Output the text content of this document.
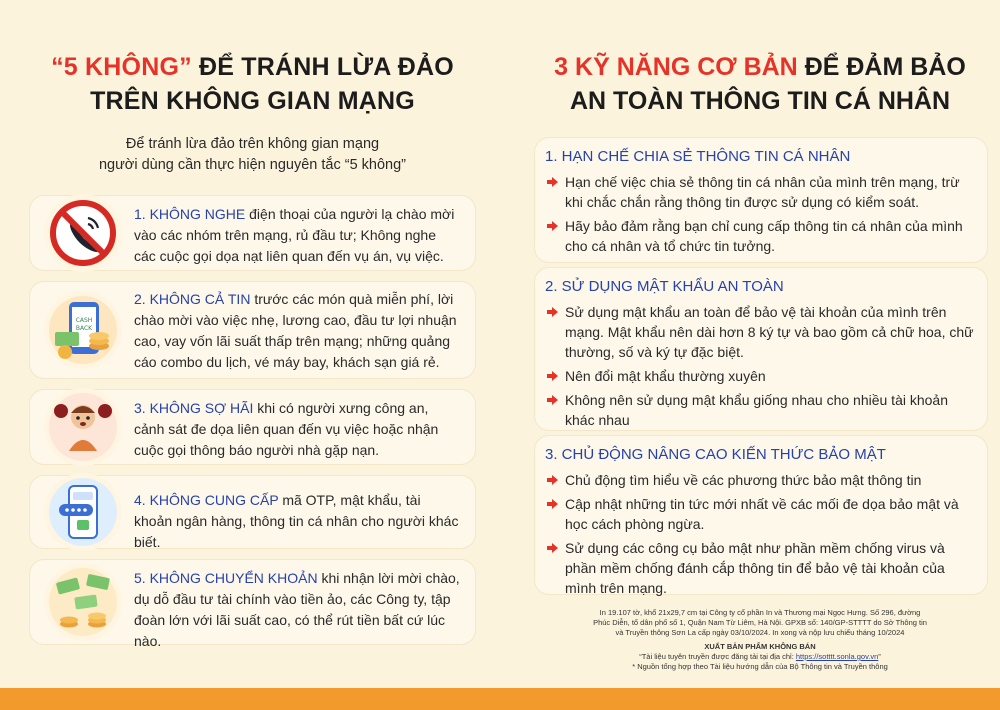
“5 KHÔNG” ĐỂ TRÁNH LỪA ĐẢO
TRÊN KHÔNG GIAN MẠNG
Để tránh lừa đảo trên không gian mạng
người dùng cần thực hiện nguyên tắc “5 không”
1. KHÔNG NGHE điện thoại của người lạ chào mời vào các nhóm trên mạng, rủ đầu tư; Không nghe các cuộc gọi dọa nạt liên quan đến vụ án, vụ việc.
CASH
BACK
2. KHÔNG CẢ TIN trước các món quà miễn phí, lời chào mời vào việc nhẹ, lương cao, đầu tư lợi nhuận cao, vay vốn lãi suất thấp trên mạng; những quảng cáo combo du lịch, vé máy bay, khách sạn giá rẻ.
3. KHÔNG SỢ HÃI khi có người xưng công an, cảnh sát đe dọa liên quan đến vụ việc hoặc nhận cuộc gọi thông báo người nhà gặp nạn.
4. KHÔNG CUNG CẤP mã OTP, mật khẩu, tài khoản ngân hàng, thông tin cá nhân cho người khác biết.
5. KHÔNG CHUYỂN KHOẢN khi nhận lời mời chào, dụ dỗ đầu tư tài chính vào tiền ảo, các Công ty, tập đoàn lớn với lãi suất cao, có thể rút tiền bất cứ lúc nào.
3 KỸ NĂNG CƠ BẢN ĐỂ ĐẢM BẢO
AN TOÀN THÔNG TIN CÁ NHÂN
1. HẠN CHẾ CHIA SẺ THÔNG TIN CÁ NHÂN
Hạn chế việc chia sẻ thông tin cá nhân của mình trên mạng, trừ khi chắc chắn rằng thông tin được sử dụng có kiểm soát.
Hãy bảo đảm rằng bạn chỉ cung cấp thông tin cá nhân của mình cho cá nhân và tổ chức tin tưởng.
2. SỬ DỤNG MẬT KHẨU AN TOÀN
Sử dụng mật khẩu an toàn để bảo vệ tài khoản của mình trên mạng. Mật khẩu nên dài hơn 8 ký tự và bao gồm cả chữ hoa, chữ thường, số và ký tự đặc biệt.
Nên đổi mật khẩu thường xuyên
Không nên sử dụng mật khẩu giống nhau cho nhiều tài khoản khác nhau
3. CHỦ ĐỘNG NÂNG CAO KIẾN THỨC BẢO MẬT
Chủ động tìm hiểu về các phương thức bảo mật thông tin
Cập nhật những tin tức mới nhất về các mối đe dọa bảo mật và học cách phòng ngừa.
Sử dụng các công cụ bảo mật như phần mềm chống virus và phần mềm chống đánh cắp thông tin để bảo vệ tài khoản của mình trên mạng.
In 19.107 tờ, khổ 21x29,7 cm tại Công ty cổ phần In và Thương mại Ngọc Hưng. Số 296, đường
Phúc Diễn, tổ dân phố số 1, Quận Nam Từ Liêm, Hà Nội. GPXB số: 140/GP-STTTT do Sở Thông tin
và Truyền thông Sơn La cấp ngày 03/10/2024. In xong và nộp lưu chiểu tháng 10/2024
XUẤT BẢN PHẨM KHÔNG BÁN
“Tài liệu tuyên truyền được đăng tải tại địa chỉ: https://sotttt.sonla.gov.vn”
* Nguồn tổng hợp theo Tài liệu hướng dẫn của Bộ Thông tin và Truyền thông
